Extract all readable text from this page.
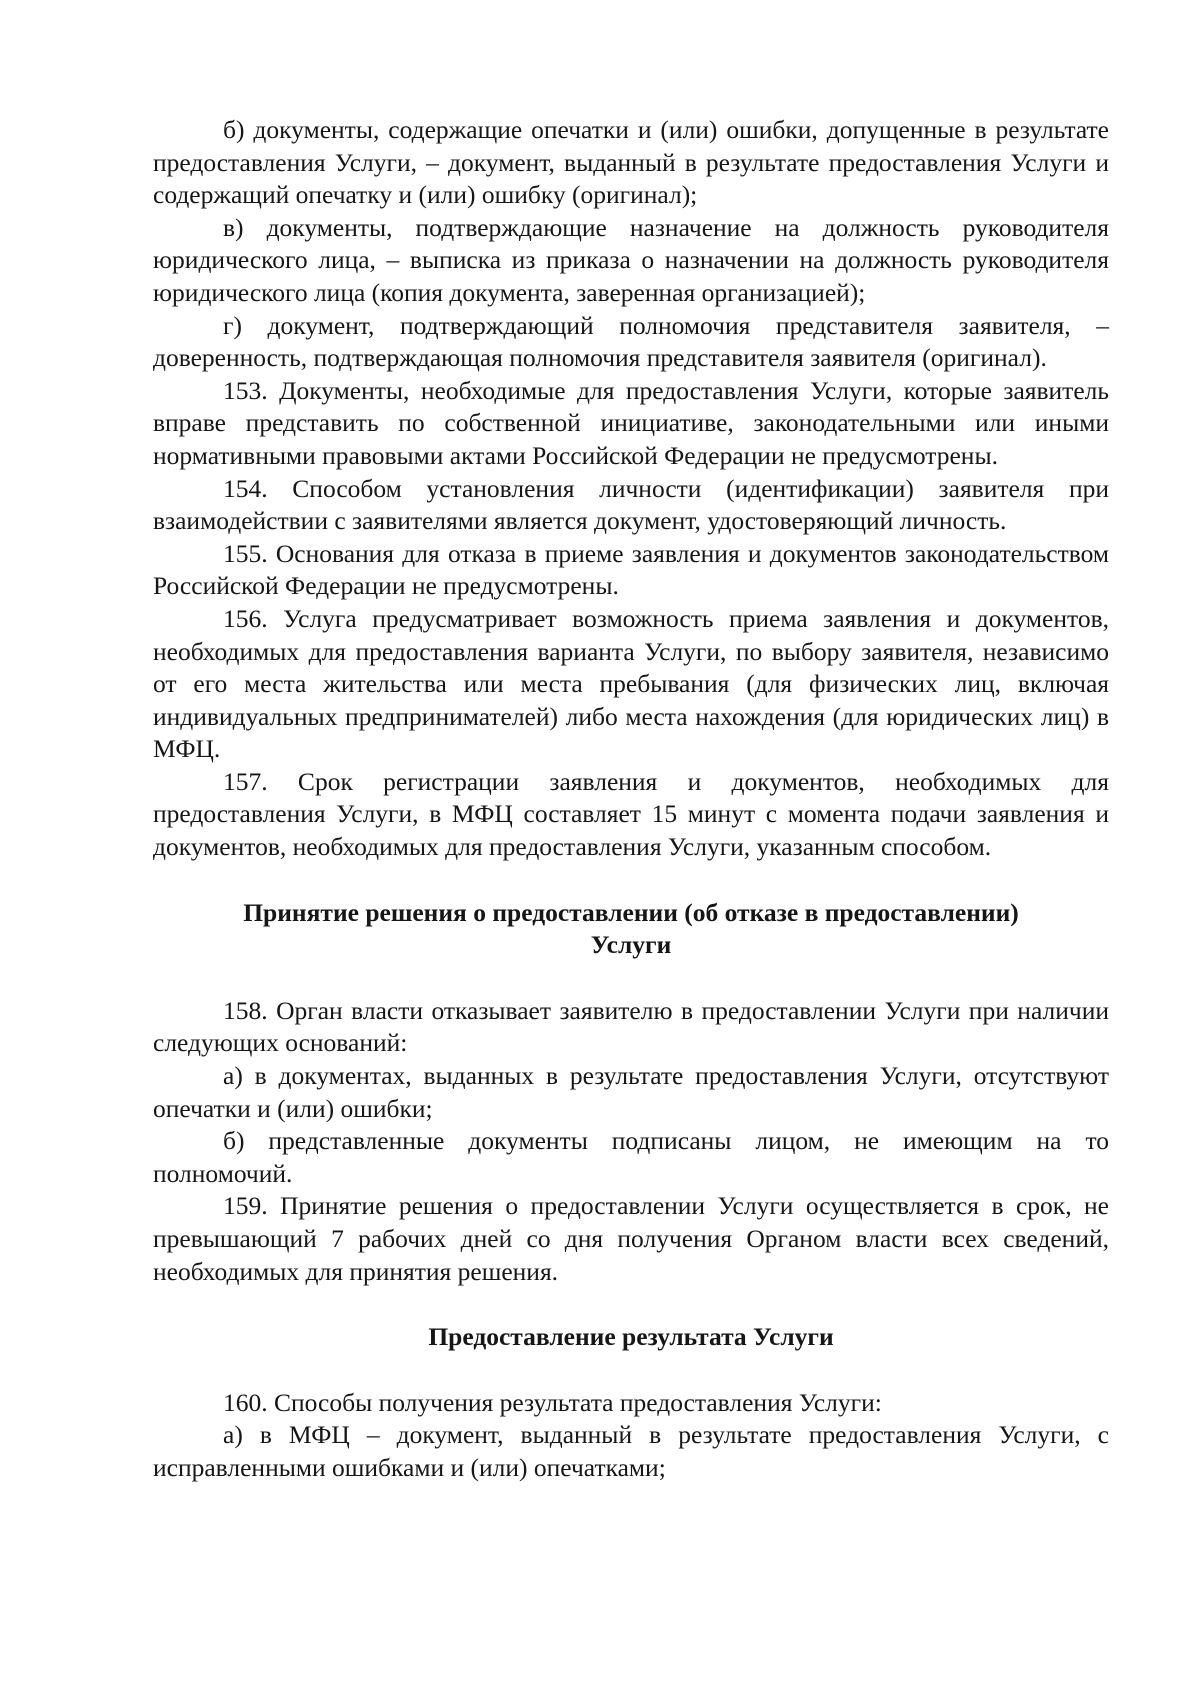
б) документы, содержащие опечатки и (или) ошибки, допущенные в результате предоставления Услуги, – документ, выданный в результате предоставления Услуги и содержащий опечатку и (или) ошибку (оригинал);

в) документы, подтверждающие назначение на должность руководителя юридического лица, – выписка из приказа о назначении на должность руководителя юридического лица (копия документа, заверенная организацией);

г) документ, подтверждающий полномочия представителя заявителя, – доверенность, подтверждающая полномочия представителя заявителя (оригинал).

153. Документы, необходимые для предоставления Услуги, которые заявитель вправе представить по собственной инициативе, законодательными или иными нормативными правовыми актами Российской Федерации не предусмотрены.

154. Способом установления личности (идентификации) заявителя при взаимодействии с заявителями является документ, удостоверяющий личность.

155. Основания для отказа в приеме заявления и документов законодательством Российской Федерации не предусмотрены.

156. Услуга предусматривает возможность приема заявления и документов, необходимых для предоставления варианта Услуги, по выбору заявителя, независимо от его места жительства или места пребывания (для физических лиц, включая индивидуальных предпринимателей) либо места нахождения (для юридических лиц) в МФЦ.

157. Срок регистрации заявления и документов, необходимых для предоставления Услуги, в МФЦ составляет 15 минут с момента подачи заявления и документов, необходимых для предоставления Услуги, указанным способом.

Принятие решения о предоставлении (об отказе в предоставлении)
Услуги

158. Орган власти отказывает заявителю в предоставлении Услуги при наличии следующих оснований:

а) в документах, выданных в результате предоставления Услуги, отсутствуют опечатки и (или) ошибки;

б) представленные документы подписаны лицом, не имеющим на то полномочий.

159. Принятие решения о предоставлении Услуги осуществляется в срок, не превышающий 7 рабочих дней со дня получения Органом власти всех сведений, необходимых для принятия решения.

Предоставление результата Услуги

160. Способы получения результата предоставления Услуги:

а) в МФЦ – документ, выданный в результате предоставления Услуги, с исправленными ошибками и (или) опечатками;
